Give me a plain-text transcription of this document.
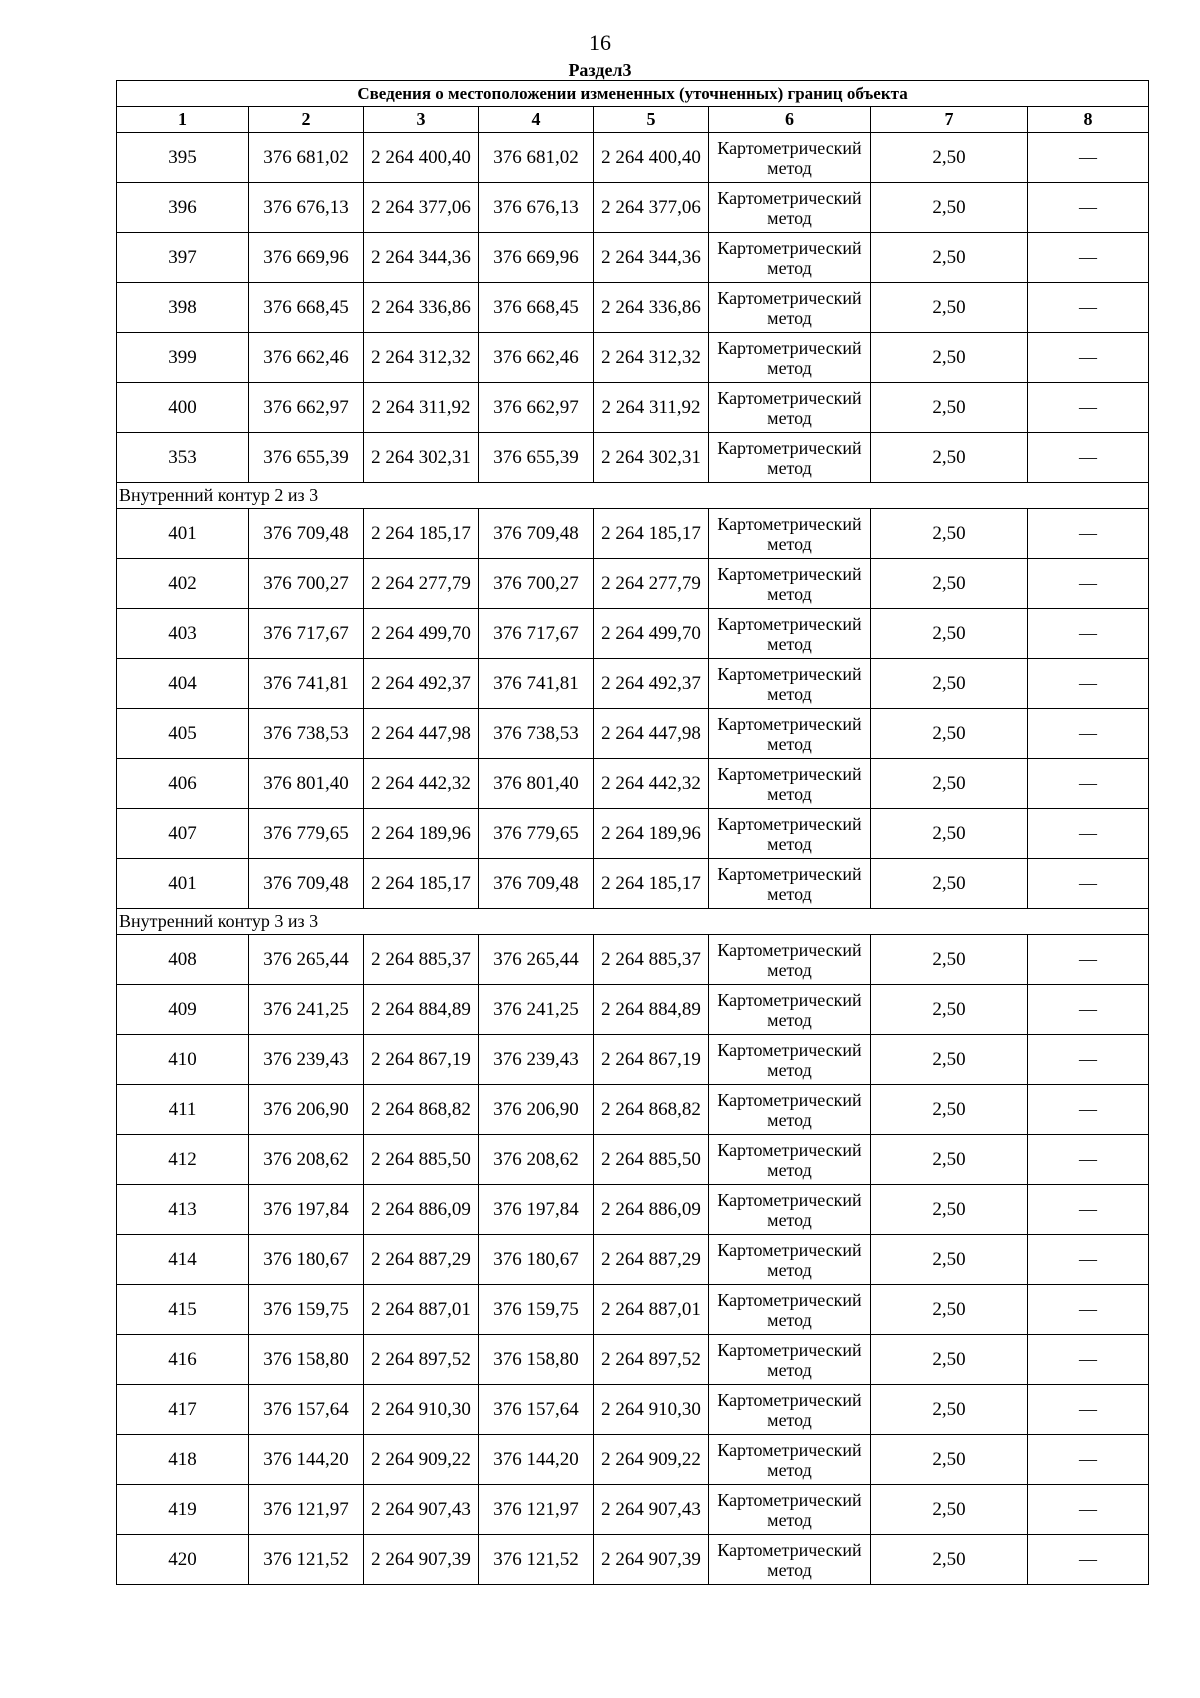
16
Раздел3
Сведения о местоположении измененных (уточненных) границ объекта							
1	2	3	4	5	6	7	8
395	376 681,02	2 264 400,40	376 681,02	2 264 400,40	Картометрический метод	2,50	—
396	376 676,13	2 264 377,06	376 676,13	2 264 377,06	Картометрический метод	2,50	—
397	376 669,96	2 264 344,36	376 669,96	2 264 344,36	Картометрический метод	2,50	—
398	376 668,45	2 264 336,86	376 668,45	2 264 336,86	Картометрический метод	2,50	—
399	376 662,46	2 264 312,32	376 662,46	2 264 312,32	Картометрический метод	2,50	—
400	376 662,97	2 264 311,92	376 662,97	2 264 311,92	Картометрический метод	2,50	—
353	376 655,39	2 264 302,31	376 655,39	2 264 302,31	Картометрический метод	2,50	—
Внутренний контур 2 из 3							
401	376 709,48	2 264 185,17	376 709,48	2 264 185,17	Картометрический метод	2,50	—
402	376 700,27	2 264 277,79	376 700,27	2 264 277,79	Картометрический метод	2,50	—
403	376 717,67	2 264 499,70	376 717,67	2 264 499,70	Картометрический метод	2,50	—
404	376 741,81	2 264 492,37	376 741,81	2 264 492,37	Картометрический метод	2,50	—
405	376 738,53	2 264 447,98	376 738,53	2 264 447,98	Картометрический метод	2,50	—
406	376 801,40	2 264 442,32	376 801,40	2 264 442,32	Картометрический метод	2,50	—
407	376 779,65	2 264 189,96	376 779,65	2 264 189,96	Картометрический метод	2,50	—
401	376 709,48	2 264 185,17	376 709,48	2 264 185,17	Картометрический метод	2,50	—
Внутренний контур 3 из 3							
408	376 265,44	2 264 885,37	376 265,44	2 264 885,37	Картометрический метод	2,50	—
409	376 241,25	2 264 884,89	376 241,25	2 264 884,89	Картометрический метод	2,50	—
410	376 239,43	2 264 867,19	376 239,43	2 264 867,19	Картометрический метод	2,50	—
411	376 206,90	2 264 868,82	376 206,90	2 264 868,82	Картометрический метод	2,50	—
412	376 208,62	2 264 885,50	376 208,62	2 264 885,50	Картометрический метод	2,50	—
413	376 197,84	2 264 886,09	376 197,84	2 264 886,09	Картометрический метод	2,50	—
414	376 180,67	2 264 887,29	376 180,67	2 264 887,29	Картометрический метод	2,50	—
415	376 159,75	2 264 887,01	376 159,75	2 264 887,01	Картометрический метод	2,50	—
416	376 158,80	2 264 897,52	376 158,80	2 264 897,52	Картометрический метод	2,50	—
417	376 157,64	2 264 910,30	376 157,64	2 264 910,30	Картометрический метод	2,50	—
418	376 144,20	2 264 909,22	376 144,20	2 264 909,22	Картометрический метод	2,50	—
419	376 121,97	2 264 907,43	376 121,97	2 264 907,43	Картометрический метод	2,50	—
420	376 121,52	2 264 907,39	376 121,52	2 264 907,39	Картометрический метод	2,50	—
